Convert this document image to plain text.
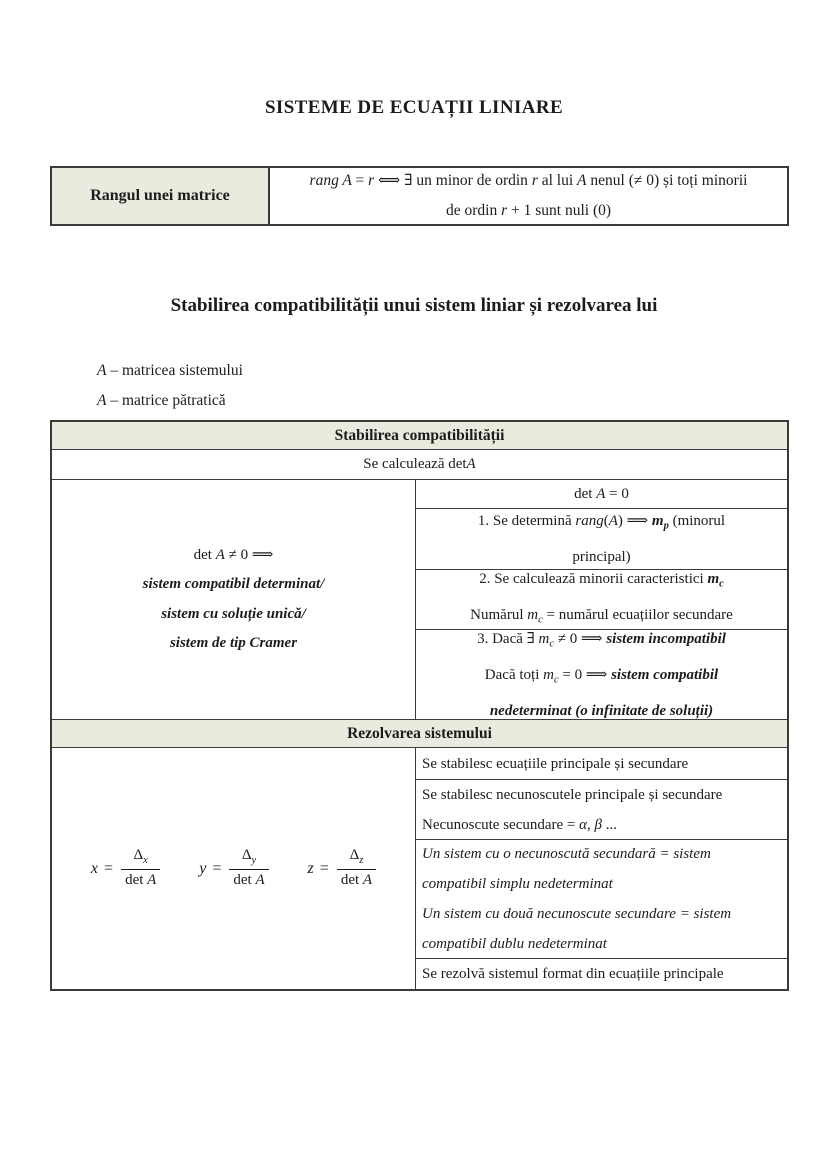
SISTEME DE ECUAȚII LINIARE
Rangul unei matrice
rang A = r ⟺ ∃ un minor de ordin r al lui A nenul (≠ 0) și toți minorii
de ordin r + 1 sunt nuli (0)
Stabilirea compatibilității unui sistem liniar și rezolvarea lui
A – matricea sistemului
A – matrice pătratică
Stabilirea compatibilității
Se calculează det A
det A ≠ 0 ⟹
sistem compatibil determinat/
sistem cu soluție unică/
sistem de tip Cramer
det A = 0
1. Se determină rang(A) ⟹ $m_p$ (minorul
principal)
2. Se calculează minorii caracteristici $m_c$
Numărul $m_c$ = numărul ecuațiilor secundare
3. Dacă ∃ $m_c \ne 0$ ⟹ sistem incompatibil
Dacă toți $m_c = 0$ ⟹ sistem compatibil
nedeterminat (o infinitate de soluții)
Rezolvarea sistemului
$x = \frac{\Delta_x}{\text{det A}}$ $y = \frac{\Delta_y}{\text{det A}}$ $z = \frac{\Delta_z}{\text{det A}}$
Se stabilesc ecuațiile principale și secundare
Se stabilesc necunoscutele principale și secundare
Necunoscute secundare = α, β ...
Un sistem cu o necunoscută secundară = sistem
compatibil simplu nedeterminat
Un sistem cu două necunoscute secundare = sistem
compatibil dublu nedeterminat
Se rezolvă sistemul format din ecuațiile principale
